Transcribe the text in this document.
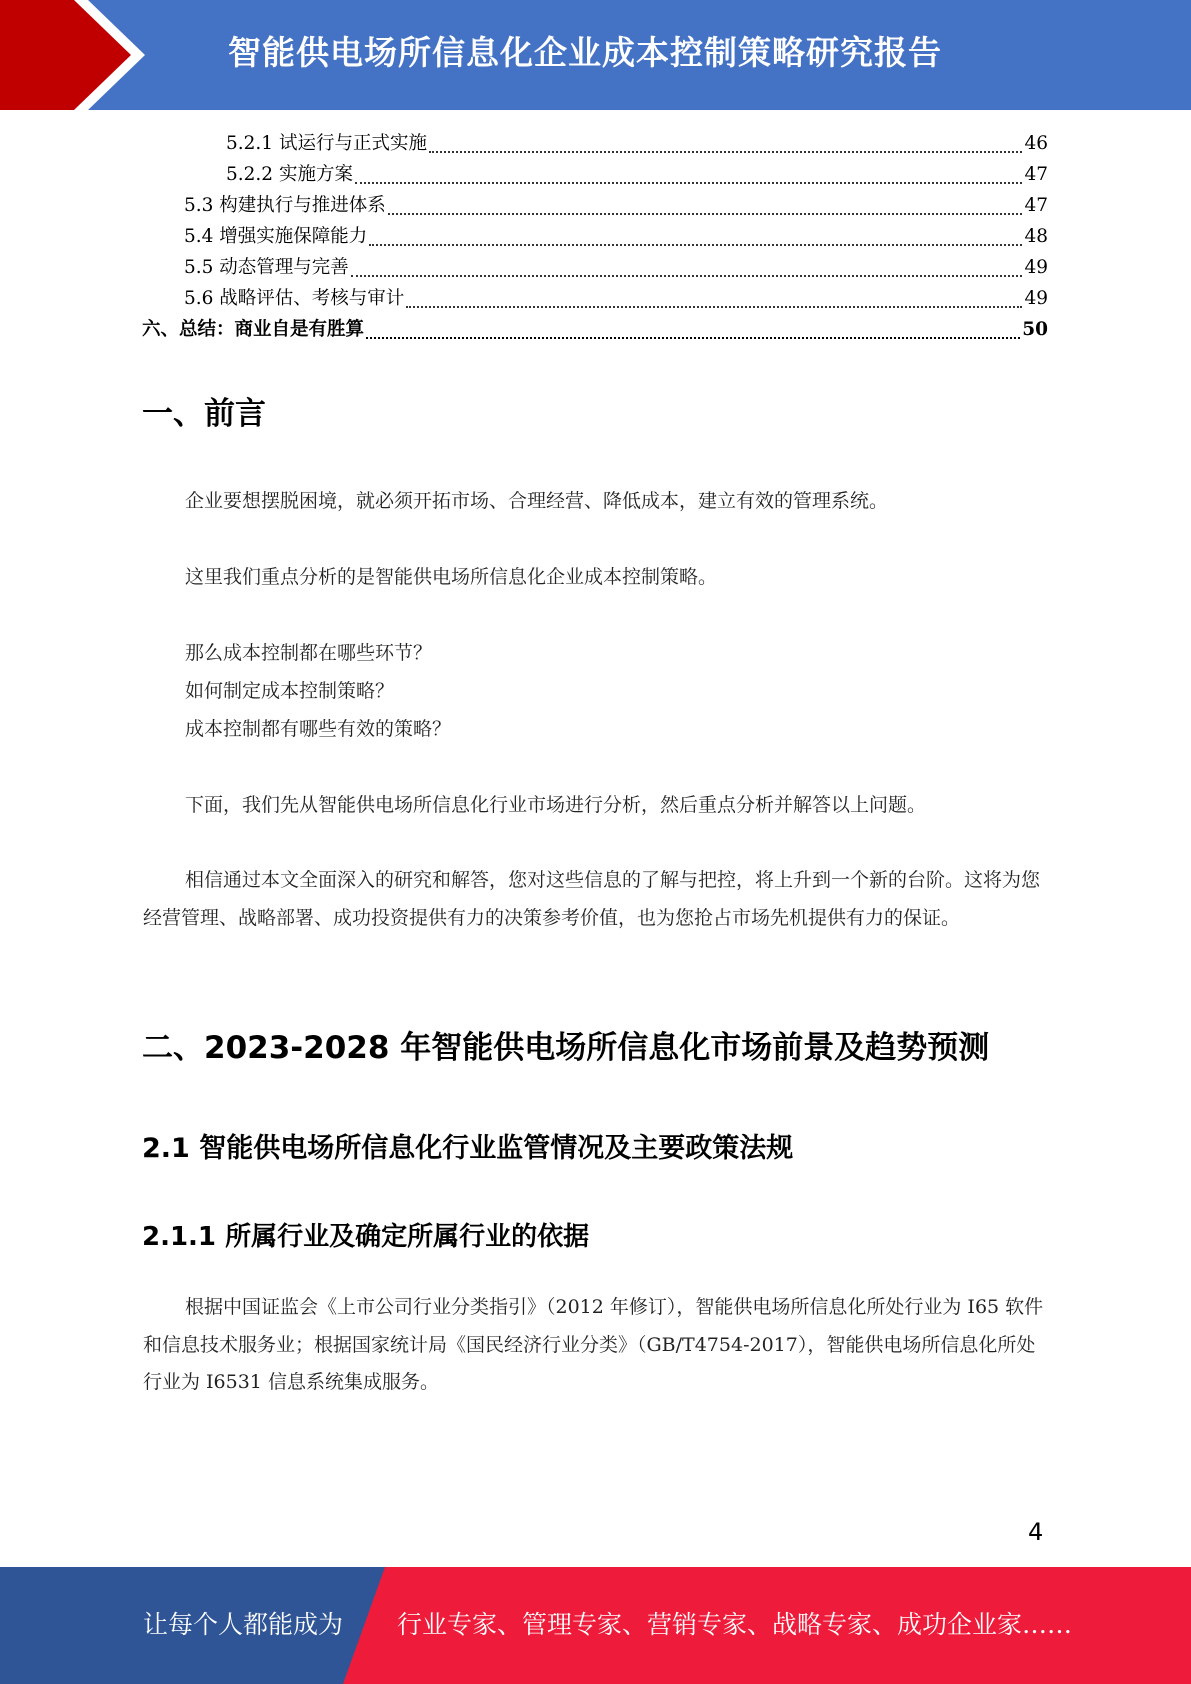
智能供电场所信息化企业成本控制策略研究报告
5.2.1 试运行与正式实施	46
5.2.2 实施方案	47
5.3 构建执行与推进体系	47
5.4 增强实施保障能力	48
5.5 动态管理与完善	49
5.6 战略评估、考核与审计	49
六、总结：商业自是有胜算	50
一、前言
企业要想摆脱困境，就必须开拓市场、合理经营、降低成本，建立有效的管理系统。
这里我们重点分析的是智能供电场所信息化企业成本控制策略。
那么成本控制都在哪些环节？
如何制定成本控制策略？
成本控制都有哪些有效的策略？
下面，我们先从智能供电场所信息化行业市场进行分析，然后重点分析并解答以上问题。
相信通过本文全面深入的研究和解答，您对这些信息的了解与把控，将上升到一个新的台阶。这将为您经营管理、战略部署、成功投资提供有力的决策参考价值，也为您抢占市场先机提供有力的保证。
二、2023-2028 年智能供电场所信息化市场前景及趋势预测
2.1 智能供电场所信息化行业监管情况及主要政策法规
2.1.1 所属行业及确定所属行业的依据
根据中国证监会《上市公司行业分类指引》（2012 年修订），智能供电场所信息化所处行业为 I65 软件和信息技术服务业；根据国家统计局《国民经济行业分类》（GB/T4754-2017），智能供电场所信息化所处行业为 I6531 信息系统集成服务。
4
让每个人都能成为 行业专家、管理专家、营销专家、战略专家、成功企业家……
